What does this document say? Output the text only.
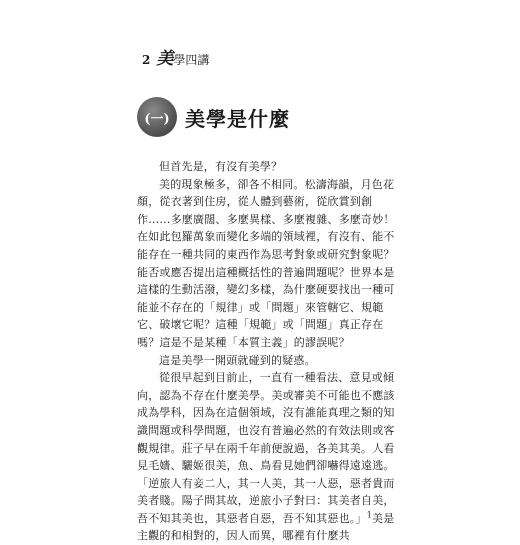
2 美學四講
(一) 美學是什麼

但首先是，有沒有美學？

美的現象極多，卻各不相同。松濤海韻，月色花顏，從衣著到住房，從人體到藝術，從欣賞到創作……多麼廣闊、多麼異樣、多麼複雜、多麼奇妙！在如此包羅萬象而變化多端的領域裡，有沒有、能不能存在一種共同的東西作為思考對象或研究對象呢？能否或應否提出這種概括性的普遍問題呢？世界本是這樣的生動活潑，變幻多樣，為什麼硬要找出一種可能並不存在的「規律」或「問題」來管轄它、規範它、破壞它呢？這種「規範」或「問題」真正存在嗎？這是不是某種「本質主義」的謬誤呢？

這是美學一開頭就碰到的疑惑。

從很早起到目前止，一直有一種看法、意見或傾向，認為不存在什麼美學。美或審美不可能也不應該成為學科，因為在這個領域，沒有誰能真理之類的知識問題或科學問題，也沒有普遍必然的有效法則或客觀規律。莊子早在兩千年前便說過，各美其美。人看見毛嬙、驪姬很美，魚、鳥看見她們卻嚇得遠遠逃。「逆旅人有妾二人，其一人美，其一人惡，惡者貴而美者賤。陽子問其故，逆旅小子對曰：其美者自美，吾不知其美也，其惡者自惡，吾不知其惡也。」$^1$美是主觀的和相對的，因人而異，哪裡有什麼共
